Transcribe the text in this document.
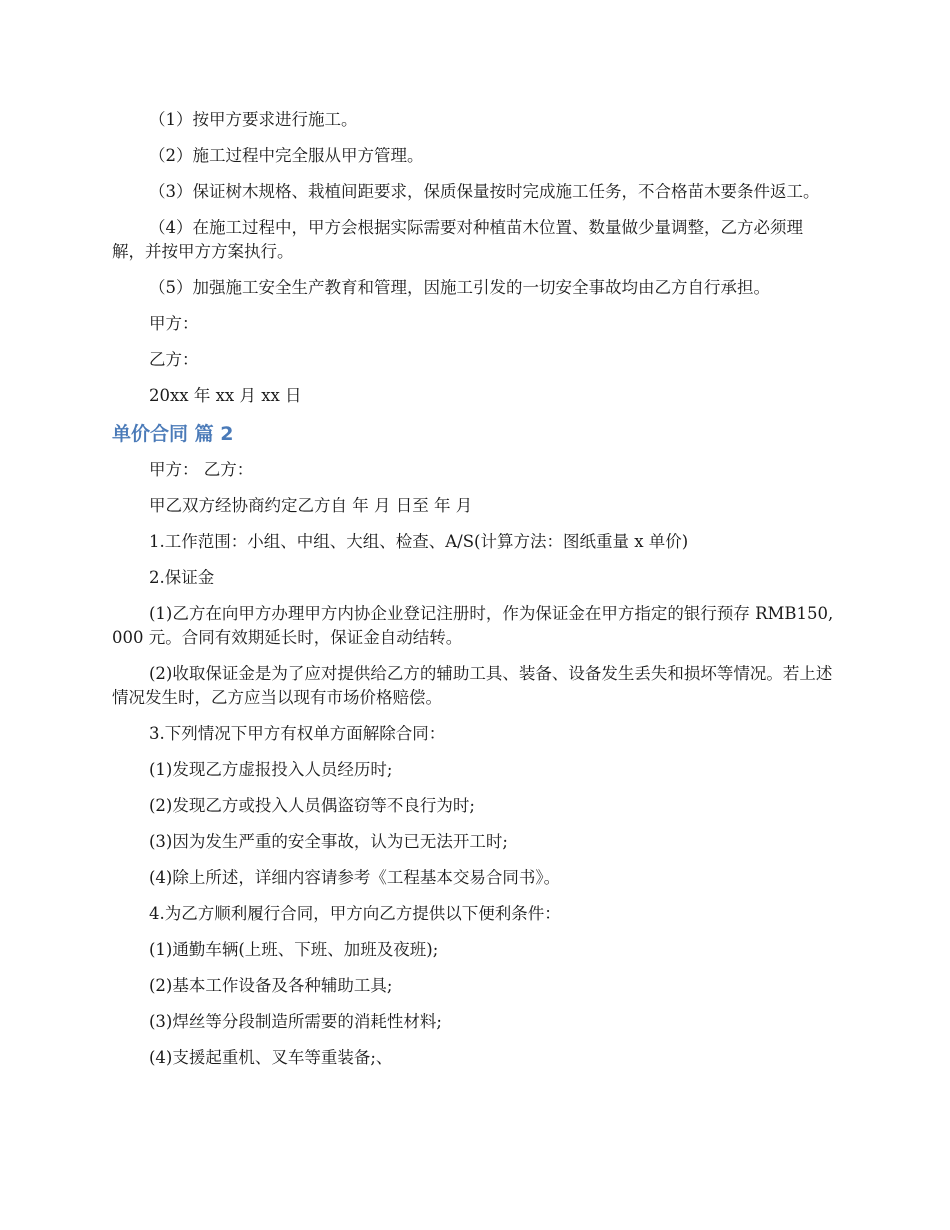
（1）按甲方要求进行施工。

（2）施工过程中完全服从甲方管理。

（3）保证树木规格、栽植间距要求，保质保量按时完成施工任务，不合格苗木要条件返工。

（4）在施工过程中，甲方会根据实际需要对种植苗木位置、数量做少量调整，乙方必须理解，并按甲方方案执行。

（5）加强施工安全生产教育和管理，因施工引发的一切安全事故均由乙方自行承担。

甲方：

乙方：

20xx 年 xx 月 xx 日

单价合同 篇 2

甲方： 乙方：

甲乙双方经协商约定乙方自 年 月 日至 年 月

1.工作范围：小组、中组、大组、检查、A/S(计算方法：图纸重量 x 单价)

2.保证金

(1)乙方在向甲方办理甲方内协企业登记注册时，作为保证金在甲方指定的银行预存 RMB150,000 元。合同有效期延长时，保证金自动结转。

(2)收取保证金是为了应对提供给乙方的辅助工具、装备、设备发生丢失和损坏等情况。若上述情况发生时，乙方应当以现有市场价格赔偿。

3.下列情况下甲方有权单方面解除合同：

(1)发现乙方虚报投入人员经历时;

(2)发现乙方或投入人员偶盗窃等不良行为时;

(3)因为发生严重的安全事故，认为已无法开工时;

(4)除上所述，详细内容请参考《工程基本交易合同书》。

4.为乙方顺利履行合同，甲方向乙方提供以下便利条件：

(1)通勤车辆(上班、下班、加班及夜班);

(2)基本工作设备及各种辅助工具;

(3)焊丝等分段制造所需要的消耗性材料;

(4)支援起重机、叉车等重装备;、
